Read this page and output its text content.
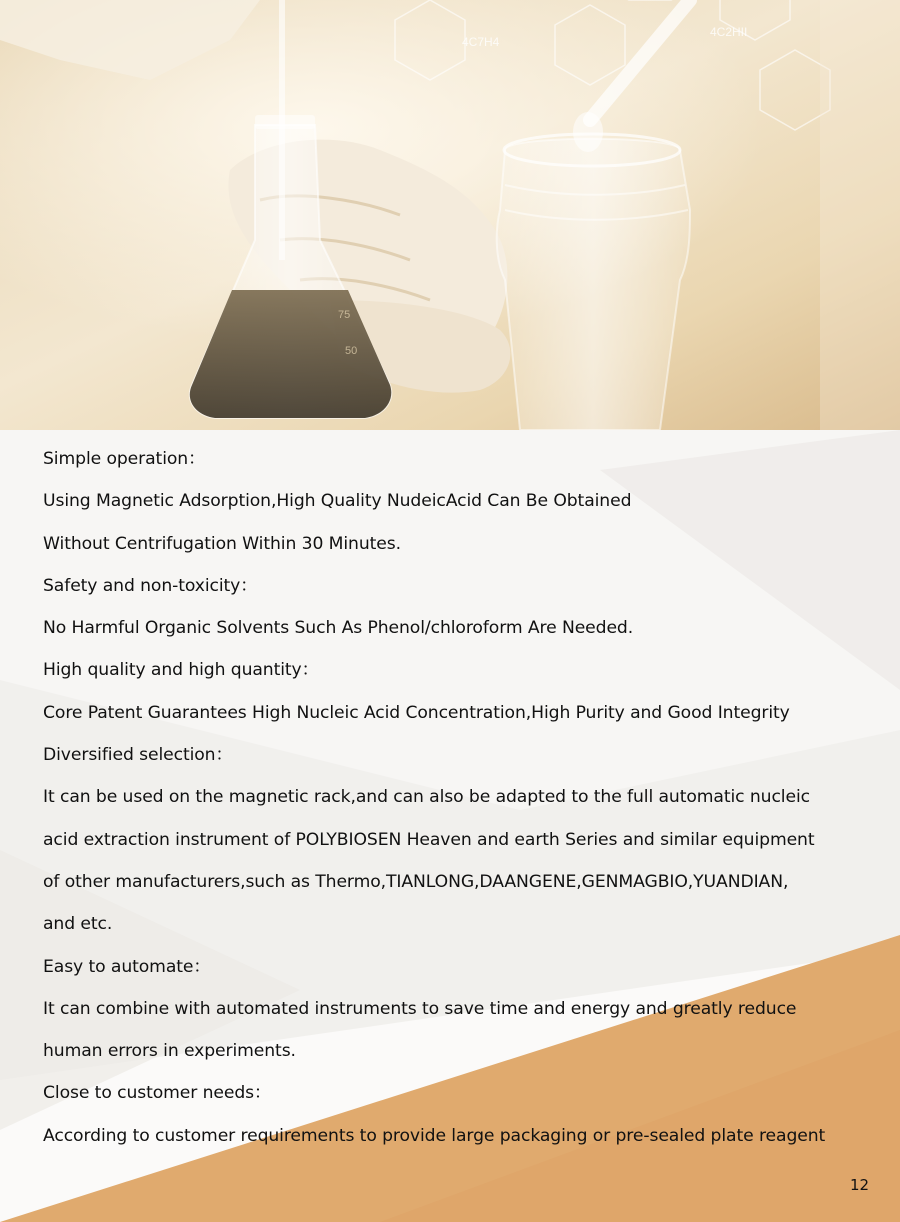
75
50
4C2HII
4C7H4
Simple operation：
Using Magnetic Adsorption,High Quality NudeicAcid Can Be Obtained
Without Centrifugation Within 30 Minutes.
Safety and non-toxicity：
No Harmful Organic Solvents Such As Phenol/chloroform Are Needed.
High quality and high quantity：
Core Patent Guarantees High Nucleic Acid Concentration,High Purity and Good Integrity
Diversified selection：
It can be used on the magnetic rack,and can also be adapted to the full automatic nucleic
acid extraction instrument of POLYBIOSEN Heaven and earth Series and similar equipment
of other manufacturers,such as Thermo,TIANLONG,DAANGENE,GENMAGBIO,YUANDIAN,
and etc.
Easy to automate：
It can combine with automated instruments to save time and energy and greatly reduce
human errors in experiments.
Close to customer needs：
According to customer requirements to provide large packaging or pre-sealed plate reagent
12
